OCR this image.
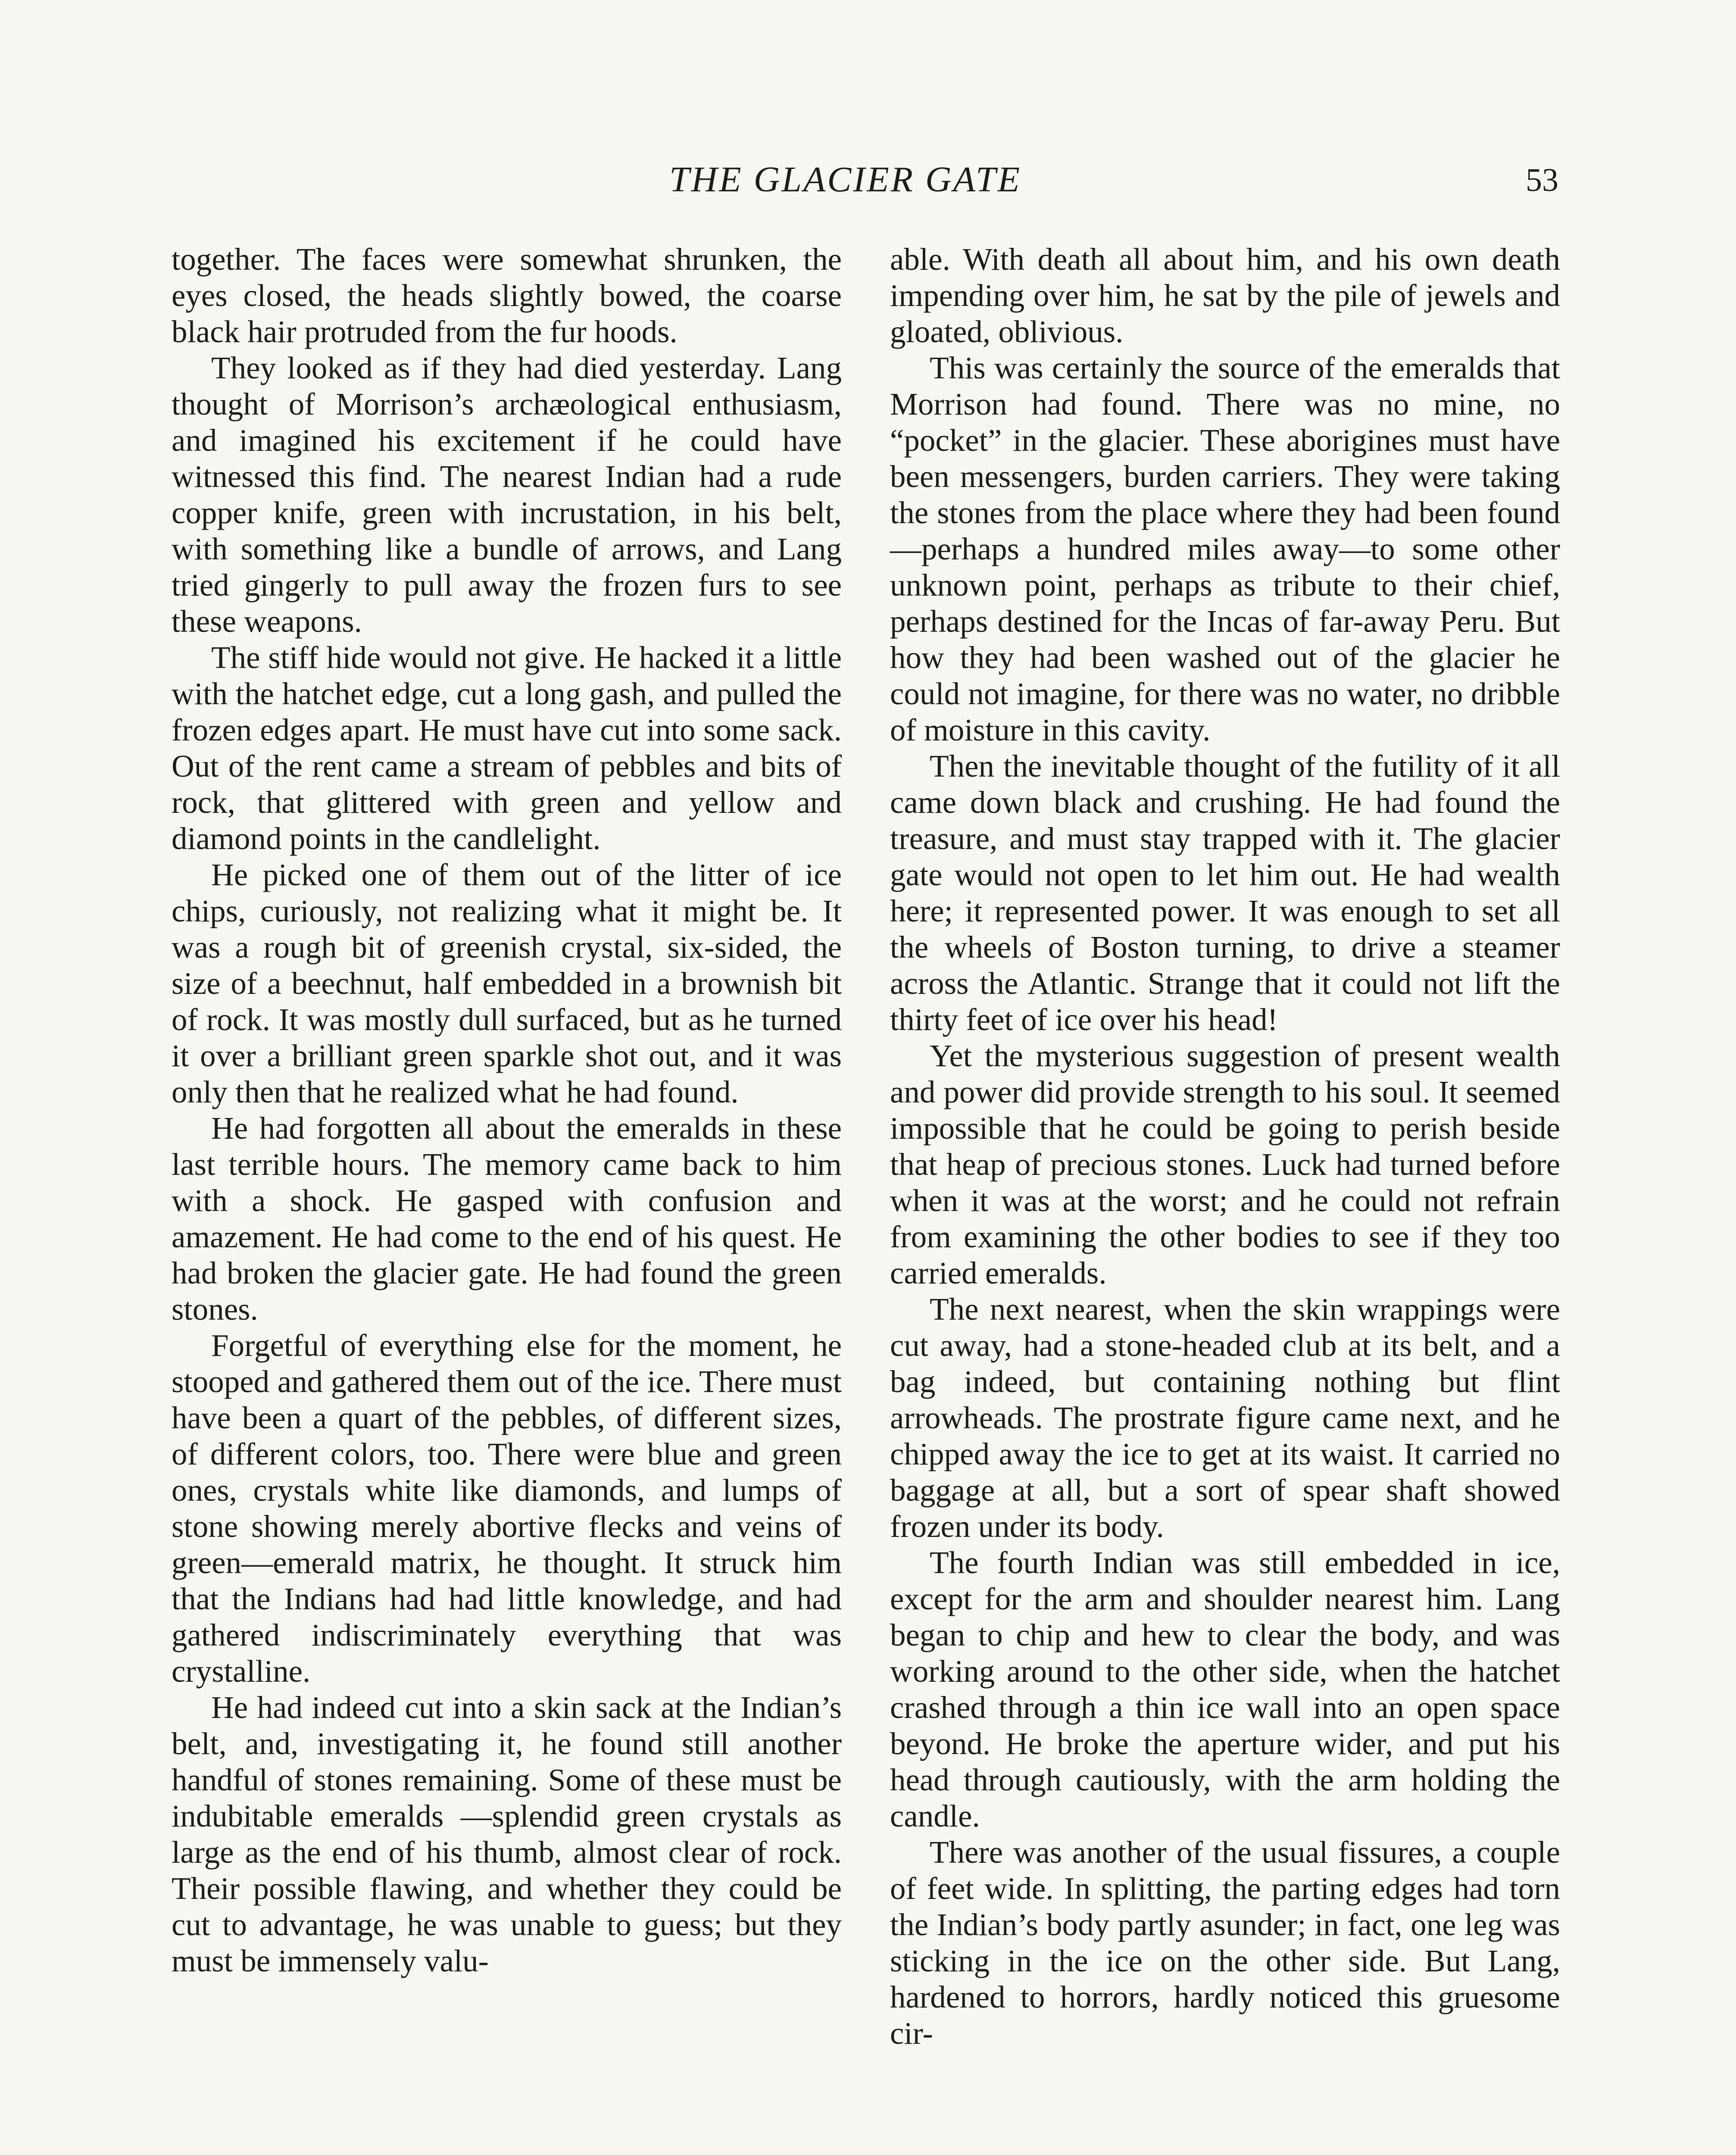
THE GLACIER GATE	53

together. The faces were somewhat shrunken, the eyes closed, the heads slightly bowed, the coarse black hair protruded from the fur hoods.

They looked as if they had died yesterday. Lang thought of Morrison’s archæological enthusiasm, and imagined his excitement if he could have witnessed this find. The nearest Indian had a rude copper knife, green with incrustation, in his belt, with something like a bundle of arrows, and Lang tried gingerly to pull away the frozen furs to see these weapons.

The stiff hide would not give. He hacked it a little with the hatchet edge, cut a long gash, and pulled the frozen edges apart. He must have cut into some sack. Out of the rent came a stream of pebbles and bits of rock, that glittered with green and yellow and diamond points in the candlelight.

He picked one of them out of the litter of ice chips, curiously, not realizing what it might be. It was a rough bit of greenish crystal, six-sided, the size of a beechnut, half embedded in a brownish bit of rock. It was mostly dull surfaced, but as he turned it over a brilliant green sparkle shot out, and it was only then that he realized what he had found.

He had forgotten all about the emeralds in these last terrible hours. The memory came back to him with a shock. He gasped with confusion and amazement. He had come to the end of his quest. He had broken the glacier gate. He had found the green stones.

Forgetful of everything else for the moment, he stooped and gathered them out of the ice. There must have been a quart of the pebbles, of different sizes, of different colors, too. There were blue and green ones, crystals white like diamonds, and lumps of stone showing merely abortive flecks and veins of green—emerald matrix, he thought. It struck him that the Indians had had little knowledge, and had gathered indiscriminately everything that was crystalline.

He had indeed cut into a skin sack at the Indian’s belt, and, investigating it, he found still another handful of stones remaining. Some of these must be indubitable emeralds —splendid green crystals as large as the end of his thumb, almost clear of rock. Their possible flawing, and whether they could be cut to advantage, he was unable to guess; but they must be immensely valu-

able. With death all about him, and his own death impending over him, he sat by the pile of jewels and gloated, oblivious.

This was certainly the source of the emeralds that Morrison had found. There was no mine, no “pocket” in the glacier. These aborigines must have been messengers, burden carriers. They were taking the stones from the place where they had been found —perhaps a hundred miles away—to some other unknown point, perhaps as tribute to their chief, perhaps destined for the Incas of far-away Peru. But how they had been washed out of the glacier he could not imagine, for there was no water, no dribble of moisture in this cavity.

Then the inevitable thought of the futility of it all came down black and crushing. He had found the treasure, and must stay trapped with it. The glacier gate would not open to let him out. He had wealth here; it represented power. It was enough to set all the wheels of Boston turning, to drive a steamer across the Atlantic. Strange that it could not lift the thirty feet of ice over his head!

Yet the mysterious suggestion of present wealth and power did provide strength to his soul. It seemed impossible that he could be going to perish beside that heap of precious stones. Luck had turned before when it was at the worst; and he could not refrain from examining the other bodies to see if they too carried emeralds.

The next nearest, when the skin wrappings were cut away, had a stone-headed club at its belt, and a bag indeed, but containing nothing but flint arrowheads. The prostrate figure came next, and he chipped away the ice to get at its waist. It carried no baggage at all, but a sort of spear shaft showed frozen under its body.

The fourth Indian was still embedded in ice, except for the arm and shoulder nearest him. Lang began to chip and hew to clear the body, and was working around to the other side, when the hatchet crashed through a thin ice wall into an open space beyond. He broke the aperture wider, and put his head through cautiously, with the arm holding the candle.

There was another of the usual fissures, a couple of feet wide. In splitting, the parting edges had torn the Indian’s body partly asunder; in fact, one leg was sticking in the ice on the other side. But Lang, hardened to horrors, hardly noticed this gruesome cir-
